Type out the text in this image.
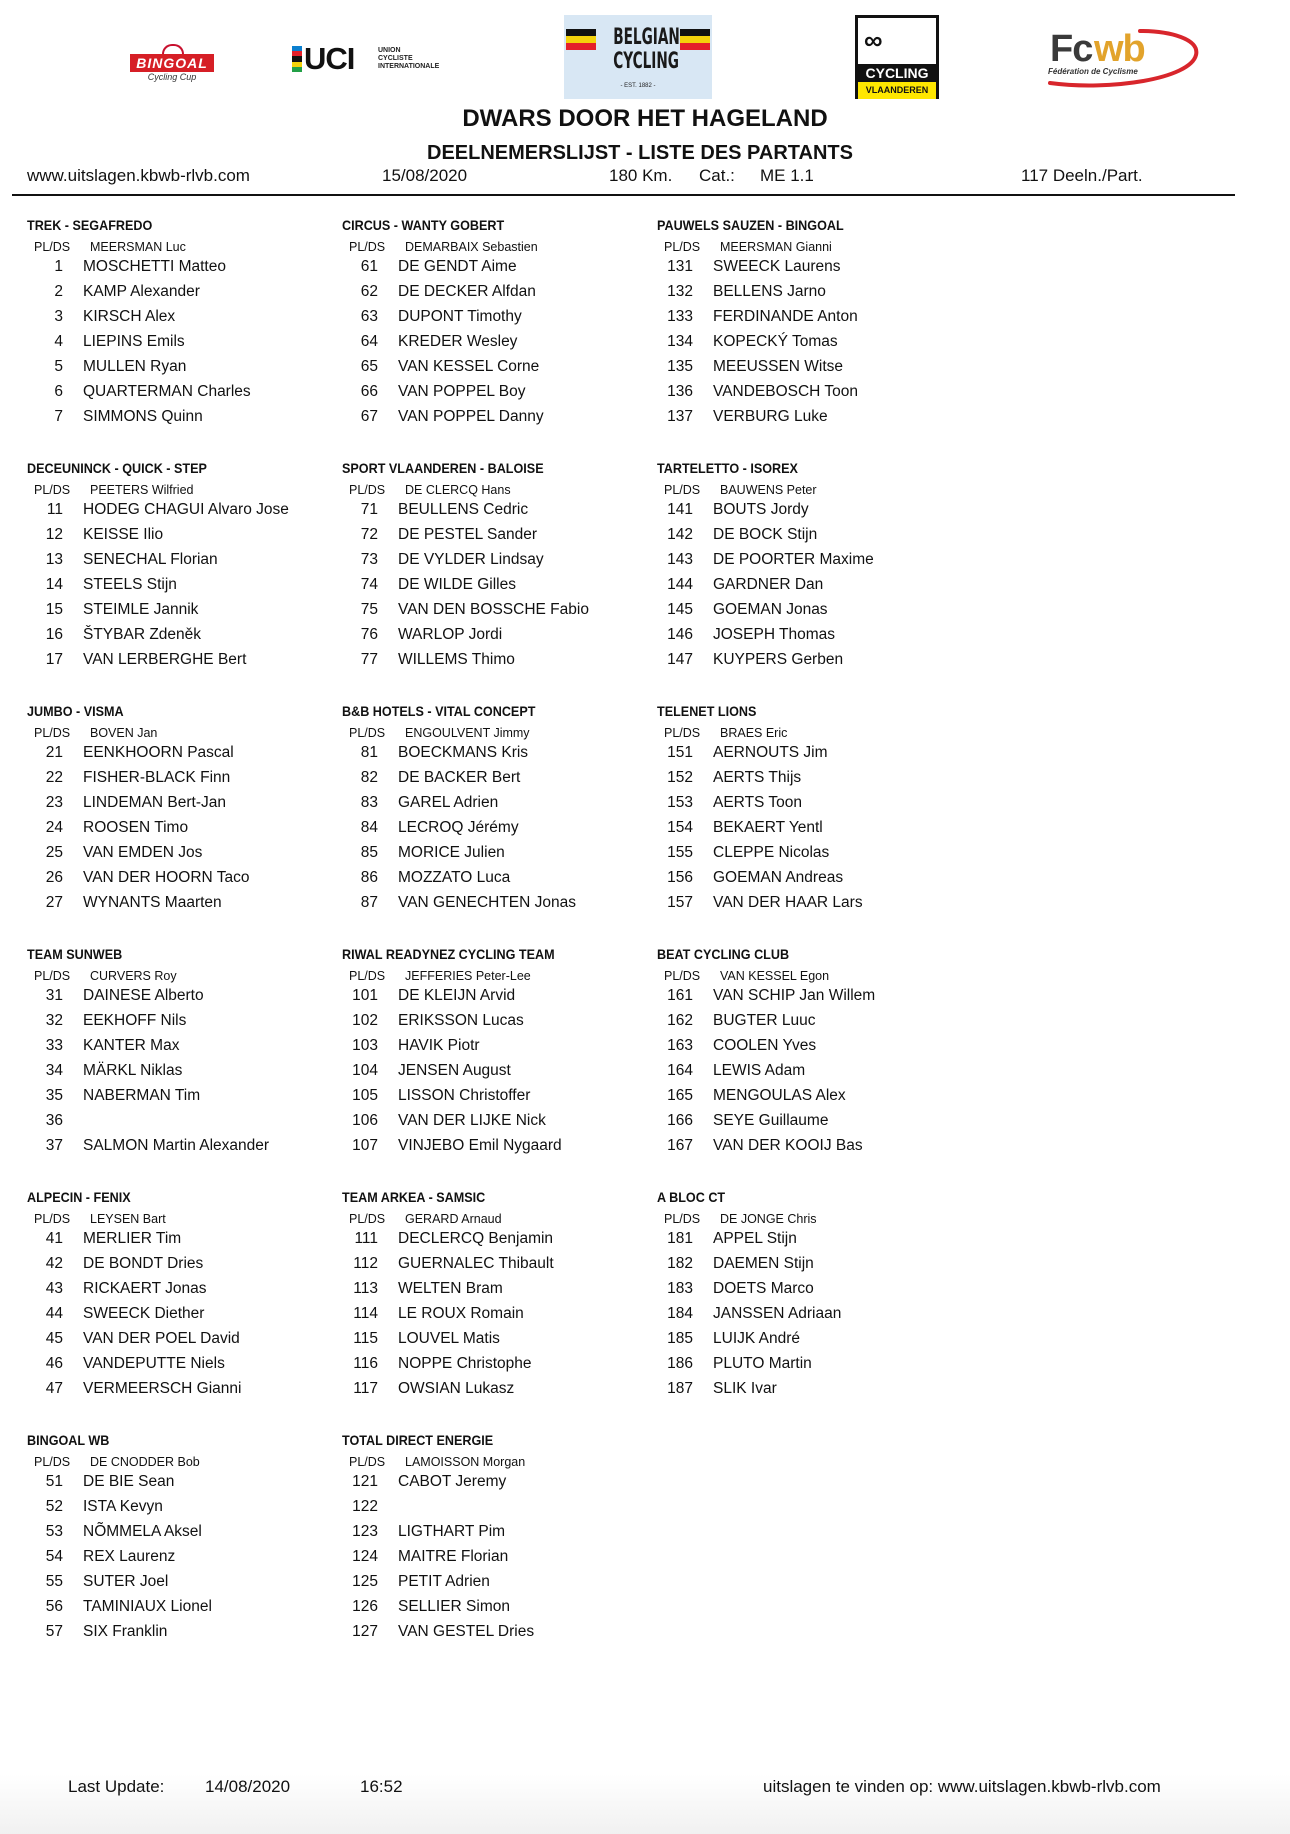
BINGOAL
Cycling Cup
UCI	UNION
CYCLISTE
INTERNATIONALE
BELGIAN
CYCLING
- EST. 1882 -
∞
CYCLING
VLAANDEREN
Fc wb
Fédération de Cyclisme
DWARS DOOR HET HAGELAND
DEELNEMERSLIJST - LISTE DES PARTANTS
www.uitslagen.kbwb-rlvb.com	15/08/2020	180 Km. Cat.: ME 1.1	117 Deeln./Part.
TREK - SEGAFREDO
PL/DS MEERSMAN Luc
1 MOSCHETTI Matteo
2 KAMP Alexander
3 KIRSCH Alex
4 LIEPINS Emils
5 MULLEN Ryan
6 QUARTERMAN Charles
7 SIMMONS Quinn
CIRCUS - WANTY GOBERT
PL/DS DEMARBAIX Sebastien
61 DE GENDT Aime
62 DE DECKER Alfdan
63 DUPONT Timothy
64 KREDER Wesley
65 VAN KESSEL Corne
66 VAN POPPEL Boy
67 VAN POPPEL Danny
PAUWELS SAUZEN - BINGOAL
PL/DS MEERSMAN Gianni
131 SWEECK Laurens
132 BELLENS Jarno
133 FERDINANDE Anton
134 KOPECKÝ Tomas
135 MEEUSSEN Witse
136 VANDEBOSCH Toon
137 VERBURG Luke
DECEUNINCK - QUICK - STEP
PL/DS PEETERS Wilfried
11 HODEG CHAGUI Alvaro Jose
12 KEISSE Ilio
13 SENECHAL Florian
14 STEELS Stijn
15 STEIMLE Jannik
16 ŠTYBAR Zdeněk
17 VAN LERBERGHE Bert
SPORT VLAANDEREN - BALOISE
PL/DS DE CLERCQ Hans
71 BEULLENS Cedric
72 DE PESTEL Sander
73 DE VYLDER Lindsay
74 DE WILDE Gilles
75 VAN DEN BOSSCHE Fabio
76 WARLOP Jordi
77 WILLEMS Thimo
TARTELETTO - ISOREX
PL/DS BAUWENS Peter
141 BOUTS Jordy
142 DE BOCK Stijn
143 DE POORTER Maxime
144 GARDNER Dan
145 GOEMAN Jonas
146 JOSEPH Thomas
147 KUYPERS Gerben
JUMBO - VISMA
PL/DS BOVEN Jan
21 EENKHOORN Pascal
22 FISHER-BLACK Finn
23 LINDEMAN Bert-Jan
24 ROOSEN Timo
25 VAN EMDEN Jos
26 VAN DER HOORN Taco
27 WYNANTS Maarten
B&B HOTELS - VITAL CONCEPT
PL/DS ENGOULVENT Jimmy
81 BOECKMANS Kris
82 DE BACKER Bert
83 GAREL Adrien
84 LECROQ Jérémy
85 MORICE Julien
86 MOZZATO Luca
87 VAN GENECHTEN Jonas
TELENET LIONS
PL/DS BRAES Eric
151 AERNOUTS Jim
152 AERTS Thijs
153 AERTS Toon
154 BEKAERT Yentl
155 CLEPPE Nicolas
156 GOEMAN Andreas
157 VAN DER HAAR Lars
TEAM SUNWEB
PL/DS CURVERS Roy
31 DAINESE Alberto
32 EEKHOFF Nils
33 KANTER Max
34 MÄRKL Niklas
35 NABERMAN Tim
36
37 SALMON Martin Alexander
RIWAL READYNEZ CYCLING TEAM
PL/DS JEFFERIES Peter-Lee
101 DE KLEIJN Arvid
102 ERIKSSON Lucas
103 HAVIK Piotr
104 JENSEN August
105 LISSON Christoffer
106 VAN DER LIJKE Nick
107 VINJEBO Emil Nygaard
BEAT CYCLING CLUB
PL/DS VAN KESSEL Egon
161 VAN SCHIP Jan Willem
162 BUGTER Luuc
163 COOLEN Yves
164 LEWIS Adam
165 MENGOULAS Alex
166 SEYE Guillaume
167 VAN DER KOOIJ Bas
ALPECIN - FENIX
PL/DS LEYSEN Bart
41 MERLIER Tim
42 DE BONDT Dries
43 RICKAERT Jonas
44 SWEECK Diether
45 VAN DER POEL David
46 VANDEPUTTE Niels
47 VERMEERSCH Gianni
TEAM ARKEA - SAMSIC
PL/DS GERARD Arnaud
111 DECLERCQ Benjamin
112 GUERNALEC Thibault
113 WELTEN Bram
114 LE ROUX Romain
115 LOUVEL Matis
116 NOPPE Christophe
117 OWSIAN Lukasz
A BLOC CT
PL/DS DE JONGE Chris
181 APPEL Stijn
182 DAEMEN Stijn
183 DOETS Marco
184 JANSSEN Adriaan
185 LUIJK André
186 PLUTO Martin
187 SLIK Ivar
BINGOAL WB
PL/DS DE CNODDER Bob
51 DE BIE Sean
52 ISTA Kevyn
53 NÕMMELA Aksel
54 REX Laurenz
55 SUTER Joel
56 TAMINIAUX Lionel
57 SIX Franklin
TOTAL DIRECT ENERGIE
PL/DS LAMOISSON Morgan
121 CABOT Jeremy
122
123 LIGTHART Pim
124 MAITRE Florian
125 PETIT Adrien
126 SELLIER Simon
127 VAN GESTEL Dries
Last Update: 14/08/2020	16:52	uitslagen te vinden op: www.uitslagen.kbwb-rlvb.com
